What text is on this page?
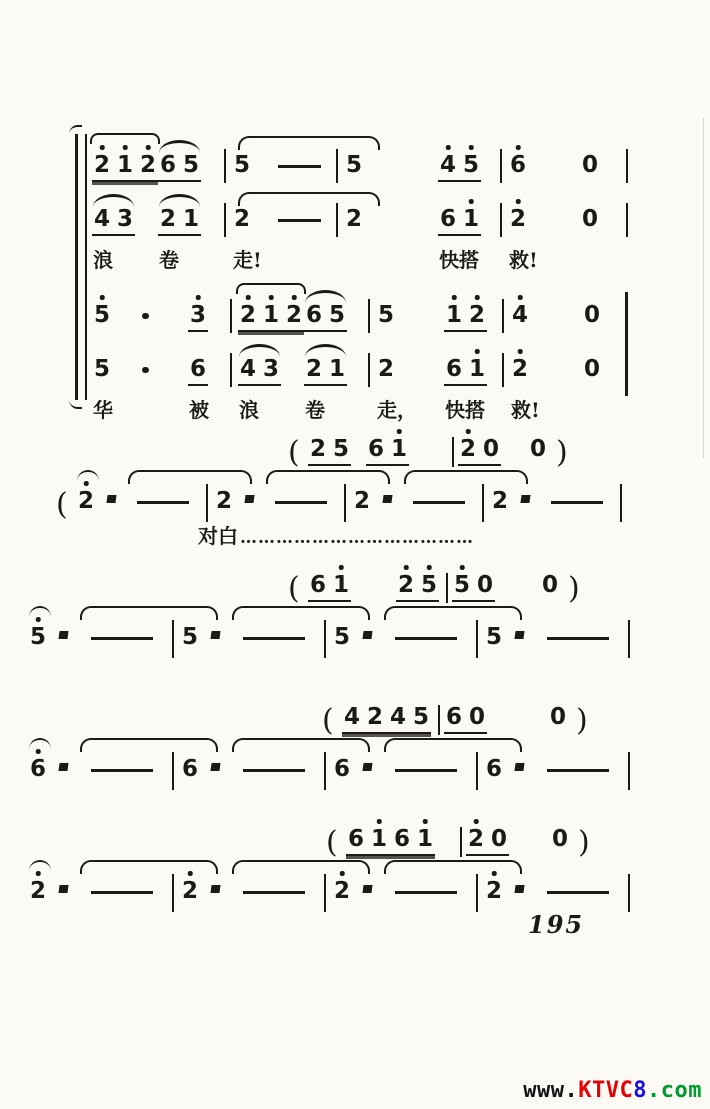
2 1 2 6 5 5	5	4 5 6 0
4 3 2 1 2	2	6 1 2 0
浪	卷	走!	快搭	救!
5	3 2 1 2 6 5 5 1 2 4 0
5	6 4 3 2 1 2 6 1 2 0
华	被	浪	卷	走， 快搭	救!
( 2 5 6 1 2 0 0 )
( 2	2	2	2
对白 …………………………………
( 6 1 2 5 5 0 0 )
5	5	5	5
( 4 2 4 5 6 0	0 )
6	6	6	6
( 6 1 6 1 2 0 0 )
2	2	2	2
195
www.KTVC8.com
